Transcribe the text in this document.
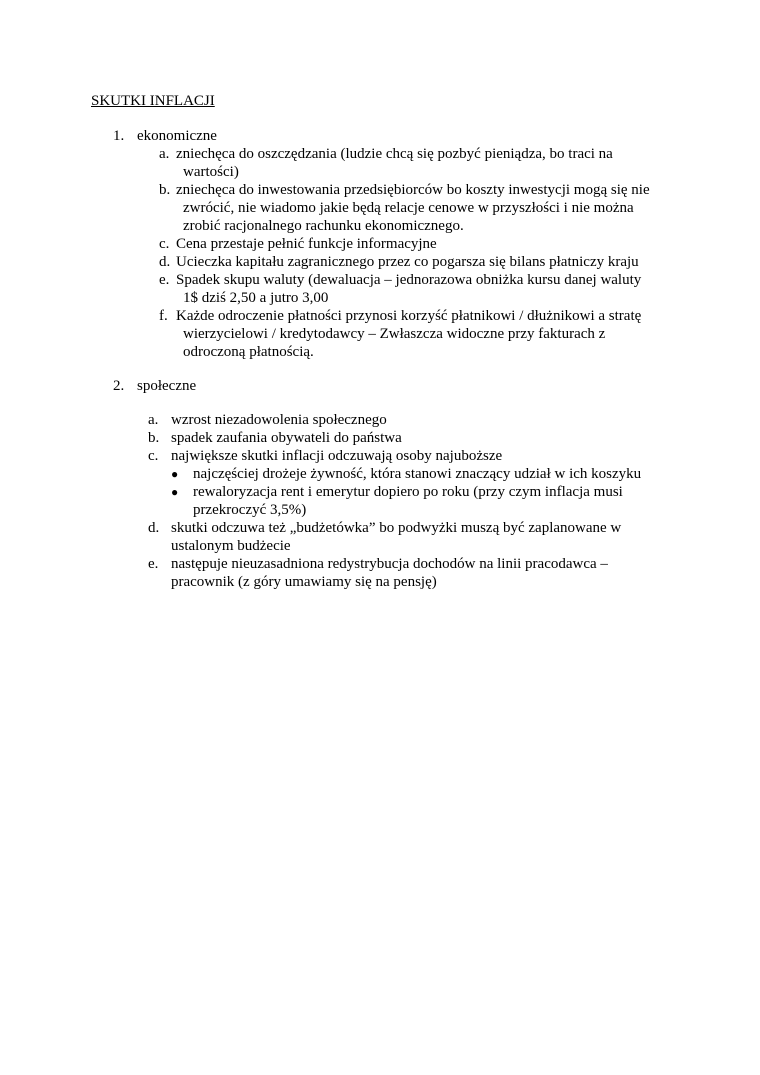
SKUTKI INFLACJI
1. ekonomiczne
a. zniechęca do oszczędzania (ludzie chcą się pozbyć pieniądza, bo traci na wartości)
b. zniechęca do inwestowania przedsiębiorców bo koszty inwestycji mogą się nie zwrócić, nie wiadomo jakie będą relacje cenowe w przyszłości i nie można zrobić racjonalnego rachunku ekonomicznego.
c. Cena przestaje pełnić funkcje informacyjne
d. Ucieczka kapitału zagranicznego przez co pogarsza się bilans płatniczy kraju
e. Spadek skupu waluty (dewaluacja – jednorazowa obniżka kursu danej waluty 1$ dziś 2,50 a jutro 3,00
f. Każde odroczenie płatności przynosi korzyść płatnikowi / dłużnikowi a stratę wierzycielowi / kredytodawcy – Zwłaszcza widoczne przy fakturach z odroczoną płatnością.
2. społeczne
a. wzrost niezadowolenia społecznego
b. spadek zaufania obywateli do państwa
c. największe skutki inflacji odczuwają osoby najuboższe
● najczęściej drożeje żywność, która stanowi znaczący udział w ich koszyku
● rewaloryzacja rent i emerytur dopiero po roku (przy czym inflacja musi przekroczyć 3,5%)
d. skutki odczuwa też „budżetówka” bo podwyżki muszą być zaplanowane w ustalonym budżecie
e. następuje nieuzasadniona redystrybucja dochodów na linii pracodawca – pracownik (z góry umawiamy się na pensję)
